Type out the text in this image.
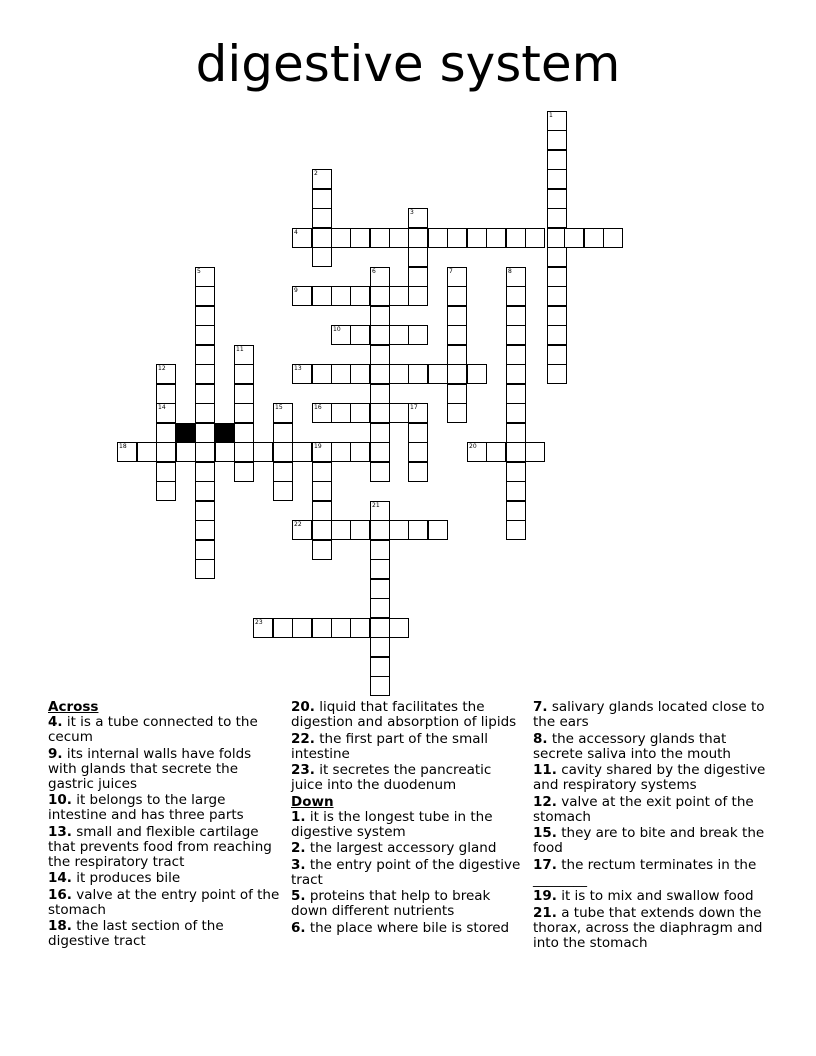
digestive system
1
2
3
4
5	6	7	8
9
10
11
12
14
13
15	16	17
18	19	20
21
22
23
Across
4. it is a tube connected to the cecum
9. its internal walls have folds with glands that secrete the gastric juices
10. it belongs to the large intestine and has three parts
13. small and flexible cartilage that prevents food from reaching the respiratory tract
14. it produces bile
16. valve at the entry point of the stomach
18. the last section of the digestive tract
20. liquid that facilitates the digestion and absorption of lipids
22. the first part of the small intestine
23. it secretes the pancreatic juice into the duodenum
Down
1. it is the longest tube in the digestive system
2. the largest accessory gland
3. the entry point of the digestive tract
5. proteins that help to break down different nutrients
6. the place where bile is stored
7. salivary glands located close to the ears
8. the accessory glands that secrete saliva into the mouth
11. cavity shared by the digestive and respiratory systems
12. valve at the exit point of the stomach
15. they are to bite and break the food
17. the rectum terminates in the ________
19. it is to mix and swallow food
21. a tube that extends down the thorax, across the diaphragm and into the stomach
